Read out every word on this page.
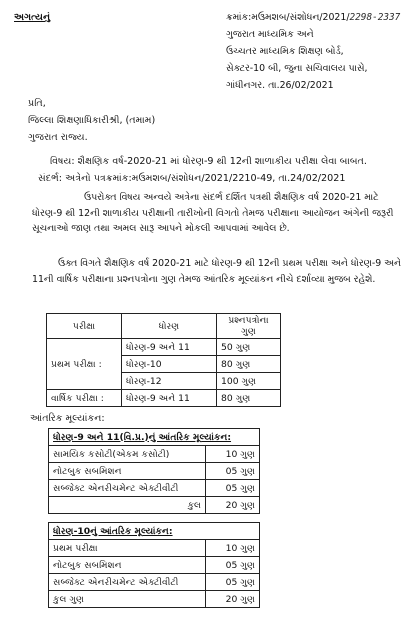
અગત્યનું	ક્રમાંક:મઉમશબ/સંશોધન/2021/2298-2337
ગુજરાત માધ્યમિક અને
ઉચ્ચતર માધ્યમિક શિક્ષણ બોર્ડ,
સેક્ટર-10 બી, જુના સચિવાલય પાસે,
ગાંધીનગર. તા.26/02/2021
પ્રતિ,
જિલ્લા શિક્ષણાધિકારીશ્રી, (તમામ)
ગુજરાત રાજ્ય.
વિષય: શૈક્ષણિક વર્ષ-2020-21 માં ધોરણ-9 થી 12ની શાળાકીય પરીક્ષા લેવા બાબત.
સંદર્ભ: અત્રેનો પત્રક્રમાંક:મઉમશબ/સંશોધન/2021/2210-49, તા.24/02/2021
ઉપરોક્ત વિષય અન્વયે અત્રેના સંદર્ભ દર્શિત પત્રથી શૈક્ષણિક વર્ષ 2020-21 માટે ધોરણ-9 થી 12ની શાળાકીય પરીક્ષાની તારીખોની વિગતો તેમજ પરીક્ષાના આયોજન અંગેની જરૂરી સૂચનાઓ જાણ તથા અમલ સારૂ આપને મોકલી આપવામાં આવેલ છે.
ઉક્ત વિગતે શૈક્ષણિક વર્ષ 2020-21 માટે ધોરણ-9 થી 12ની પ્રથમ પરીક્ષા અને ધોરણ-9 અને 11ની વાર્ષિક પરીક્ષાના પ્રશ્નપત્રોના ગુણ તેમજ આંતરિક મૂલ્યાંકન નીચે દર્શાવ્યા મુજબ રહેશે.
પરીક્ષા	ધોરણ	પ્રશ્નપત્રોના ગુણ
પ્રથમ પરીક્ષા :	ધોરણ-9 અને 11	50 ગુણ
	ધોરણ-10	80 ગુણ
	ધોરણ-12	100 ગુણ
વાર્ષિક પરીક્ષા :	ધોરણ-9 અને 11	80 ગુણ
આંતરિક મૂલ્યાંકન:
ધોરણ-9 અને 11(વિ.પ્ર.)નું આંતરિક મૂલ્યાંકન:	
સામયિક કસોટી(એકમ કસોટી)	10 ગુણ
નોટબુક સબમિશન	05 ગુણ
સબ્જેક્ટ એનરીચમેન્ટ એક્ટીવીટી	05 ગુણ
કુલ	20 ગુણ
ધોરણ-10નું આંતરિક મૂલ્યાંકન:	
પ્રથમ પરીક્ષા	10 ગુણ
નોટબુક સબમિશન	05 ગુણ
સબ્જેક્ટ એનરીચમેન્ટ એક્ટીવીટી	05 ગુણ
કુલ ગુણ	20 ગુણ
